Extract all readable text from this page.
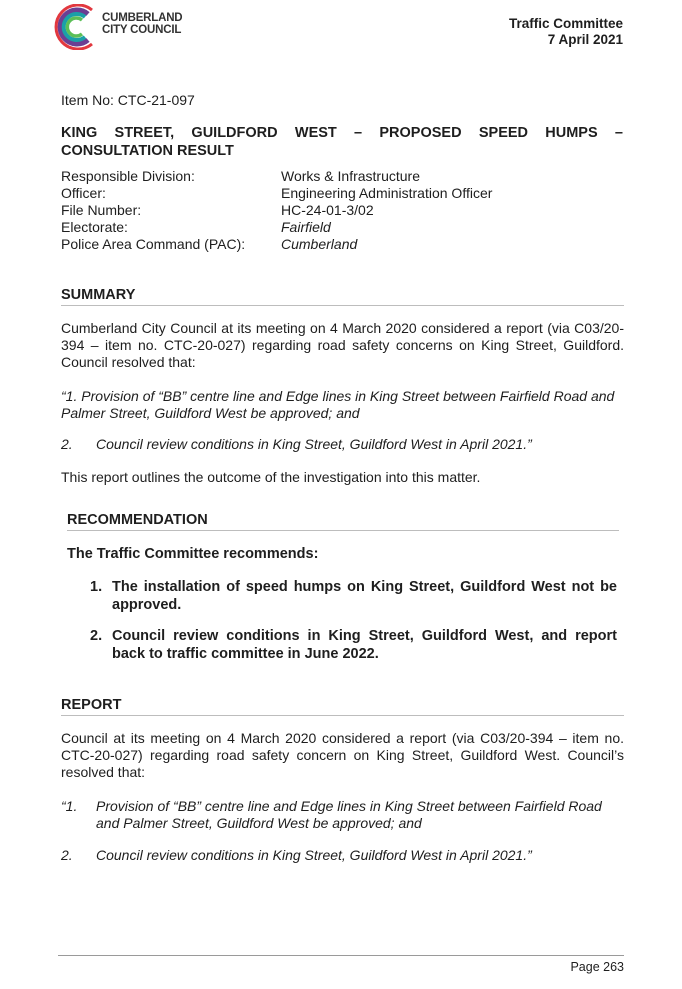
CUMBERLAND
CITY COUNCIL	Traffic Committee
7 April 2021
Item No: CTC-21-097
KING STREET, GUILDFORD WEST – PROPOSED SPEED HUMPS – CONSULTATION RESULT
Responsible Division:	Works & Infrastructure
Officer:	Engineering Administration Officer
File Number:	HC-24-01-3/02
Electorate:	Fairfield
Police Area Command (PAC):	Cumberland
SUMMARY
Cumberland City Council at its meeting on 4 March 2020 considered a report (via C03/20-394 – item no. CTC-20-027) regarding road safety concerns on King Street, Guildford. Council resolved that:
“1. Provision of “BB” centre line and Edge lines in King Street between Fairfield Road and Palmer Street, Guildford West be approved; and
2.	Council review conditions in King Street, Guildford West in April 2021.”
This report outlines the outcome of the investigation into this matter.
RECOMMENDATION
The Traffic Committee recommends:
1. The installation of speed humps on King Street, Guildford West not be approved.
2. Council review conditions in King Street, Guildford West, and report back to traffic committee in June 2022.
REPORT
Council at its meeting on 4 March 2020 considered a report (via C03/20-394 – item no. CTC-20-027) regarding road safety concern on King Street, Guildford West. Council’s resolved that:
“1.	Provision of “BB” centre line and Edge lines in King Street between Fairfield Road and Palmer Street, Guildford West be approved; and
2.	Council review conditions in King Street, Guildford West in April 2021.”
Page 263
